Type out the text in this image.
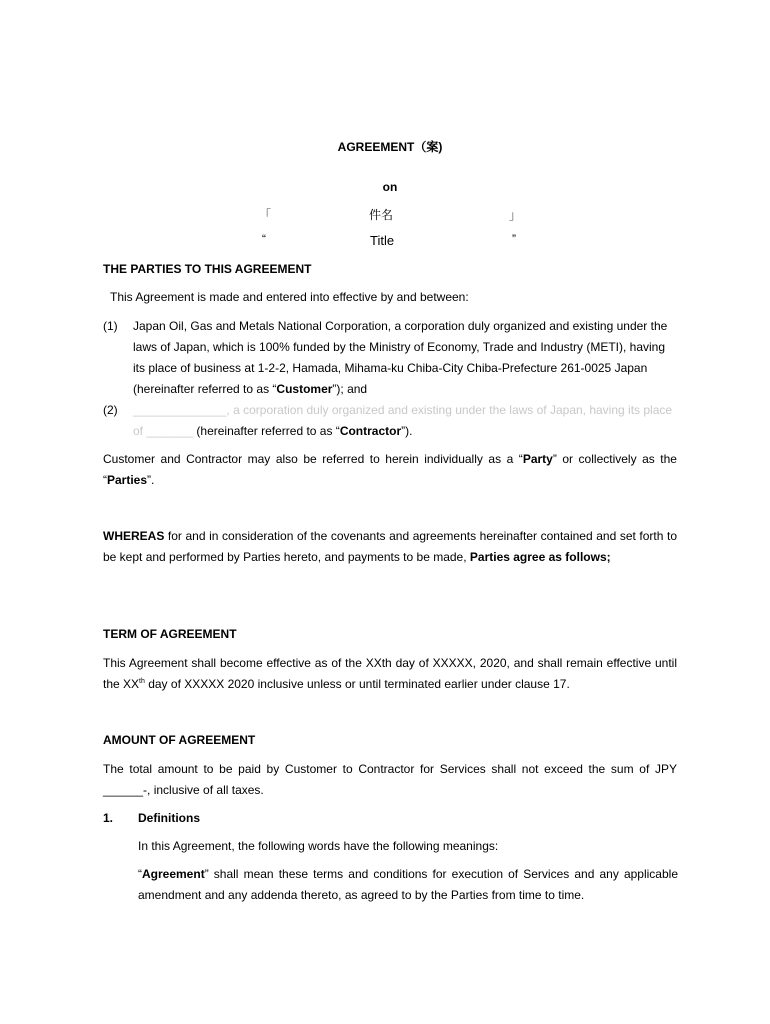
AGREEMENT（案)
on
「	件名	」
“	Title	”
THE PARTIES TO THIS AGREEMENT
This Agreement is made and entered into effective by and between:
(1) Japan Oil, Gas and Metals National Corporation, a corporation duly organized and existing under the laws of Japan, which is 100% funded by the Ministry of Economy, Trade and Industry (METI), having its place of business at 1-2-2, Hamada, Mihama-ku Chiba-City Chiba-Prefecture 261-0025 Japan (hereinafter referred to as “Customer”); and
(2) ______________, a corporation duly organized and existing under the laws of Japan, having its place of _______ (hereinafter referred to as “Contractor”).
Customer and Contractor may also be referred to herein individually as a “Party” or collectively as the “Parties”.
WHEREAS for and in consideration of the covenants and agreements hereinafter contained and set forth to be kept and performed by Parties hereto, and payments to be made, Parties agree as follows;
TERM OF AGREEMENT
This Agreement shall become effective as of the XXth day of XXXXX, 2020, and shall remain effective until the XXth day of XXXXX 2020 inclusive unless or until terminated earlier under clause 17.
AMOUNT OF AGREEMENT
The total amount to be paid by Customer to Contractor for Services shall not exceed the sum of JPY ______-, inclusive of all taxes.
1. Definitions
In this Agreement, the following words have the following meanings:
“Agreement” shall mean these terms and conditions for execution of Services and any applicable amendment and any addenda thereto, as agreed to by the Parties from time to time.
